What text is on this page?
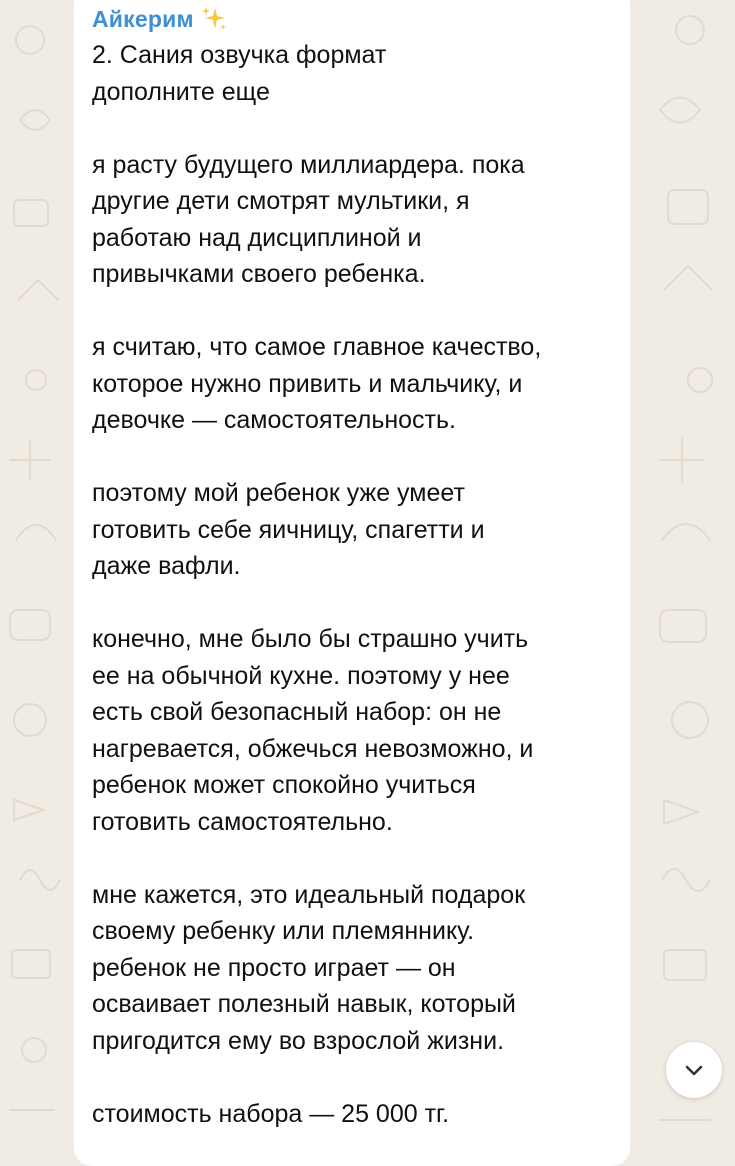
Айкерим

2. Сания озвучка формат

дополните еще

я расту будущего миллиардера. пока
другие дети смотрят мультики, я
работаю над дисциплиной и
привычками своего ребенка.

я считаю, что самое главное качество,
которое нужно привить и мальчику, и
девочке — самостоятельность.

поэтому мой ребенок уже умеет
готовить себе яичницу, спагетти и
даже вафли.

конечно, мне было бы страшно учить
ее на обычной кухне. поэтому у нее
есть свой безопасный набор: он не
нагревается, обжечься невозможно, и
ребенок может спокойно учиться
готовить самостоятельно.

мне кажется, это идеальный подарок
своему ребенку или племяннику.
ребенок не просто играет — он
осваивает полезный навык, который
пригодится ему во взрослой жизни.

стоимость набора — 25 000 тг.
